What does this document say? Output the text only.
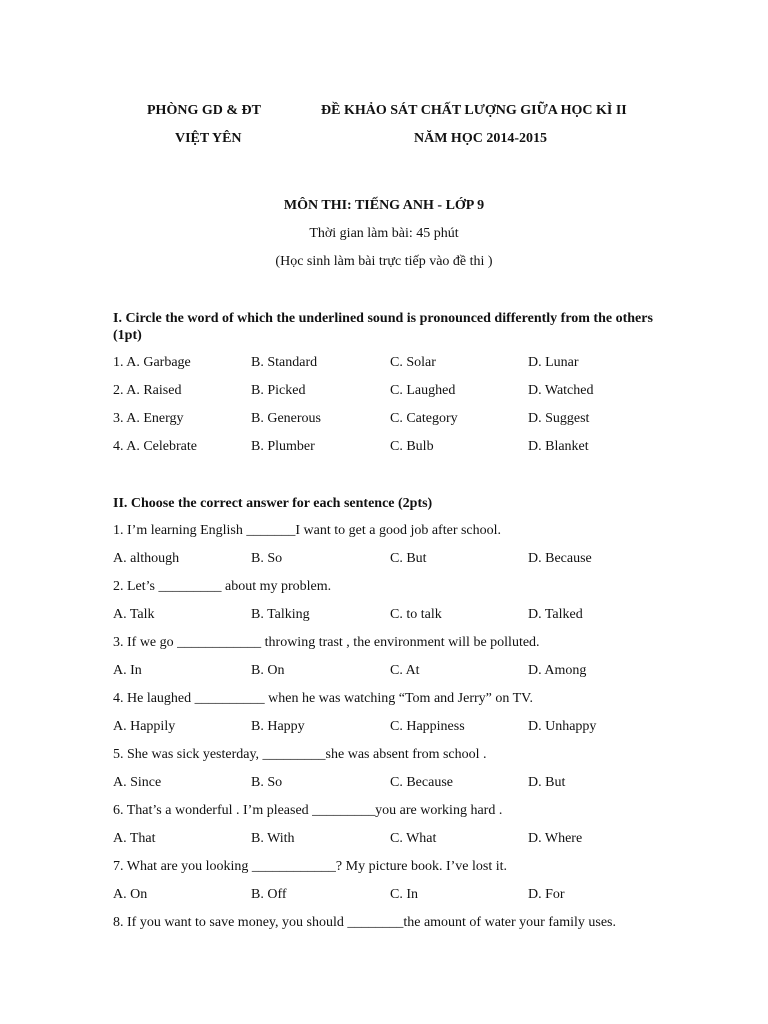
PHÒNG GD & ĐT
VIỆT YÊN
ĐỀ KHẢO SÁT CHẤT LƯỢNG GIỮA HỌC KÌ II
NĂM HỌC 2014-2015
MÔN THI: TIẾNG ANH - LỚP 9
Thời gian làm bài: 45 phút
(Học sinh làm bài trực tiếp vào đề thi )
I. Circle the word of which the underlined sound is pronounced differently from the others (1pt)
1. A. Garbage	B. Standard	C. Solar	D. Lunar
2. A. Raised	B. Picked	C. Laughed	D. Watched
3. A. Energy	B. Generous	C. Category	D. Suggest
4. A. Celebrate	B. Plumber	C. Bulb	D. Blanket
II. Choose the correct answer for each sentence (2pts)
1. I’m learning English _______I want to get a good job after school.
A. although	B. So	C. But	D. Because
2. Let’s _________ about my problem.
A. Talk	B. Talking	C. to talk	D. Talked
3. If we go ____________ throwing trast , the environment will be polluted.
A. In	B. On	C. At	D. Among
4. He laughed __________ when he was watching “Tom and Jerry” on TV.
A. Happily	B. Happy	C. Happiness	D. Unhappy
5. She was sick yesterday, _________she was absent from school .
A. Since	B. So	C. Because	D. But
6. That’s a wonderful . I’m pleased _________you are working hard .
A. That	B. With	C. What	D. Where
7. What are you looking ____________? My picture book. I’ve lost it.
A. On	B. Off	C. In	D. For
8. If you want to save money, you should ________the amount of water your family uses.
